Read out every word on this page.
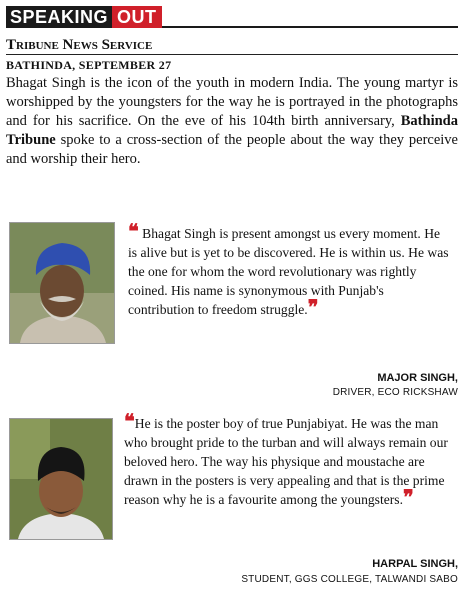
SPEAKING OUT
Tribune News Service
BATHINDA, SEPTEMBER 27

Bhagat Singh is the icon of the youth in modern India. The young martyr is worshipped by the youngsters for the way he is portrayed in the photographs and for his sacrifice. On the eve of his 104th birth anniversary, Bathinda Tribune spoke to a cross-section of the people about the way they perceive and worship their hero.

❝ Bhagat Singh is present amongst us every moment. He is alive but is yet to be discovered. He is within us. He was the one for whom the word revolutionary was rightly coined. His name is synonymous with Punjab's contribution to freedom struggle.❞

MAJOR SINGH,
DRIVER, ECO RICKSHAW

❝He is the poster boy of true Punjabiyat. He was the man who brought pride to the turban and will always remain our beloved hero. The way his physique and moustache are drawn in the posters is very appealing and that is the prime reason why he is a favourite among the youngsters.❞

HARPAL SINGH,
STUDENT, GGS COLLEGE, TALWANDI SABO
